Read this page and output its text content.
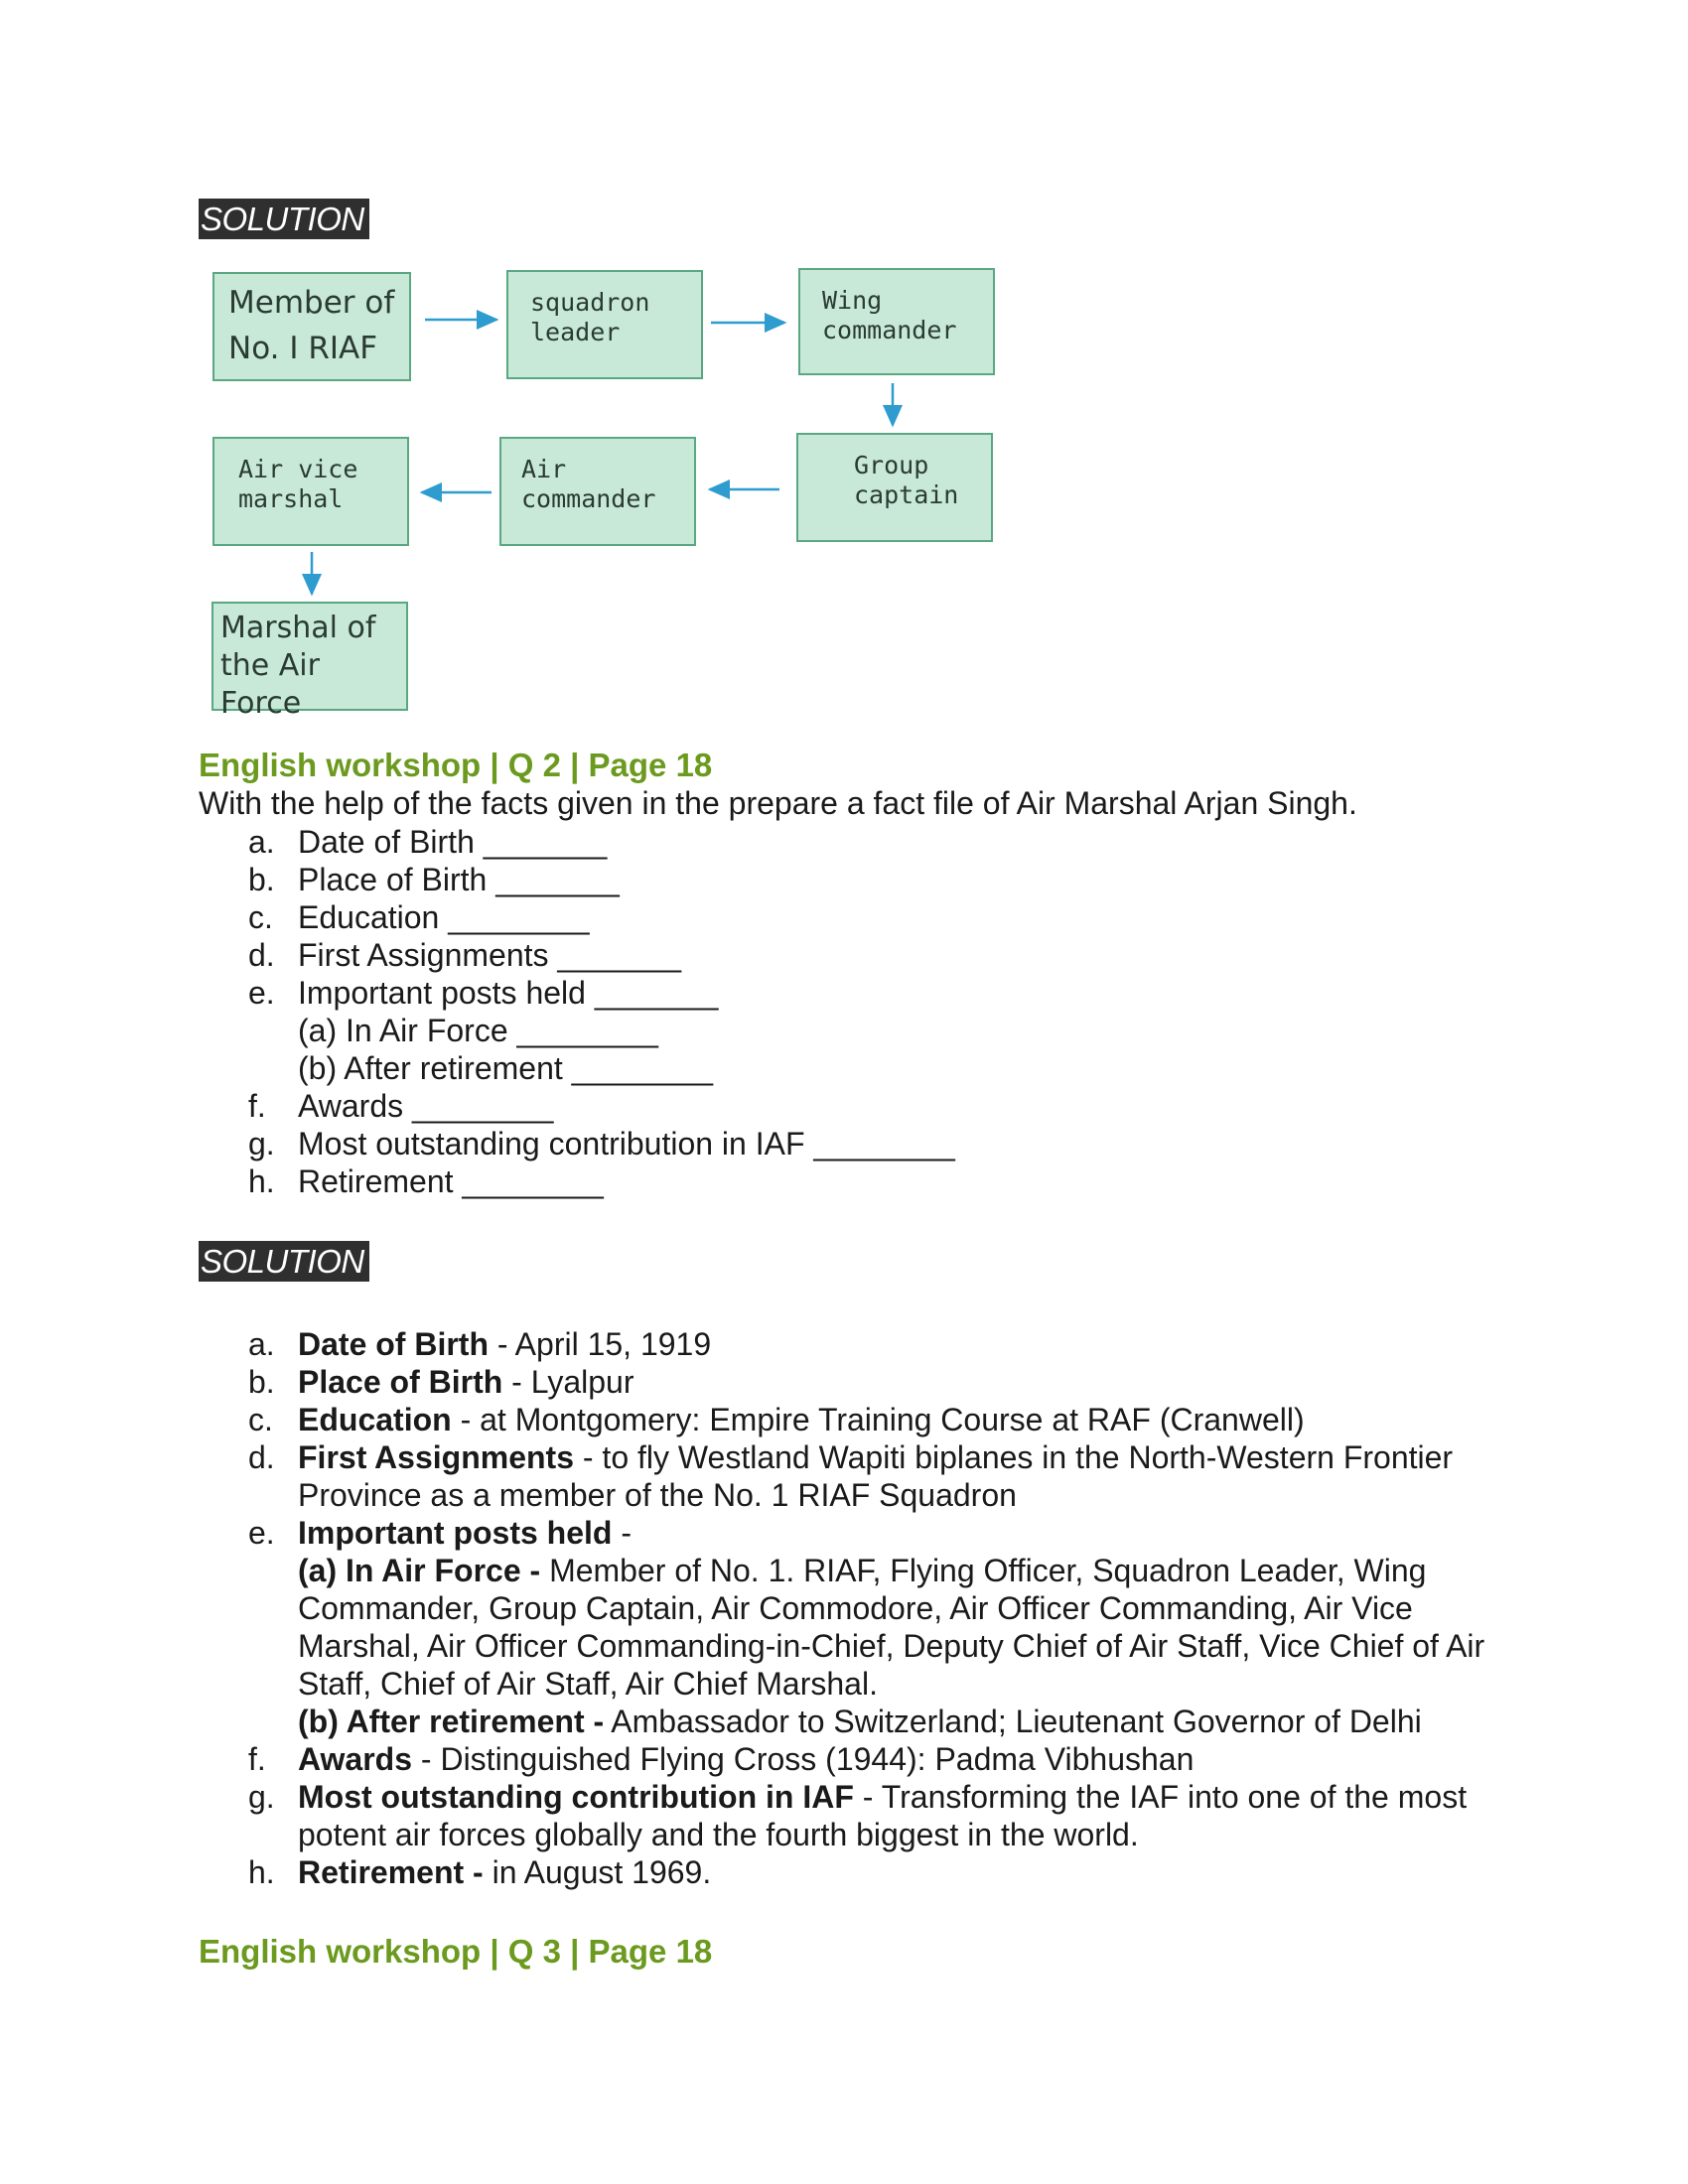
SOLUTION
Member of
No. I RIAF
squadron
leader
Wing
commander
Group
captain
Air
commander
Air vice
marshal
Marshal of
the Air Force
English workshop | Q 2 | Page 18
With the help of the facts given in the prepare a fact file of Air Marshal Arjan Singh.
a. Date of Birth _______
b. Place of Birth _______
c. Education ________
d. First Assignments _______
e. Important posts held _______
(a) In Air Force ________
(b) After retirement ________
f. Awards ________
g. Most outstanding contribution in IAF ________
h. Retirement ________
SOLUTION
a. Date of Birth - April 15, 1919
b. Place of Birth - Lyalpur
c. Education - at Montgomery: Empire Training Course at RAF (Cranwell)
d. First Assignments - to fly Westland Wapiti biplanes in the North-Western Frontier Province as a member of the No. 1 RIAF Squadron
e. Important posts held -
(a) In Air Force - Member of No. 1. RIAF, Flying Officer, Squadron Leader, Wing Commander, Group Captain, Air Commodore, Air Officer Commanding, Air Vice Marshal, Air Officer Commanding-in-Chief, Deputy Chief of Air Staff, Vice Chief of Air Staff, Chief of Air Staff, Air Chief Marshal.
(b) After retirement - Ambassador to Switzerland; Lieutenant Governor of Delhi
f. Awards - Distinguished Flying Cross (1944): Padma Vibhushan
g. Most outstanding contribution in IAF - Transforming the IAF into one of the most potent air forces globally and the fourth biggest in the world.
h. Retirement - in August 1969.
English workshop | Q 3 | Page 18
